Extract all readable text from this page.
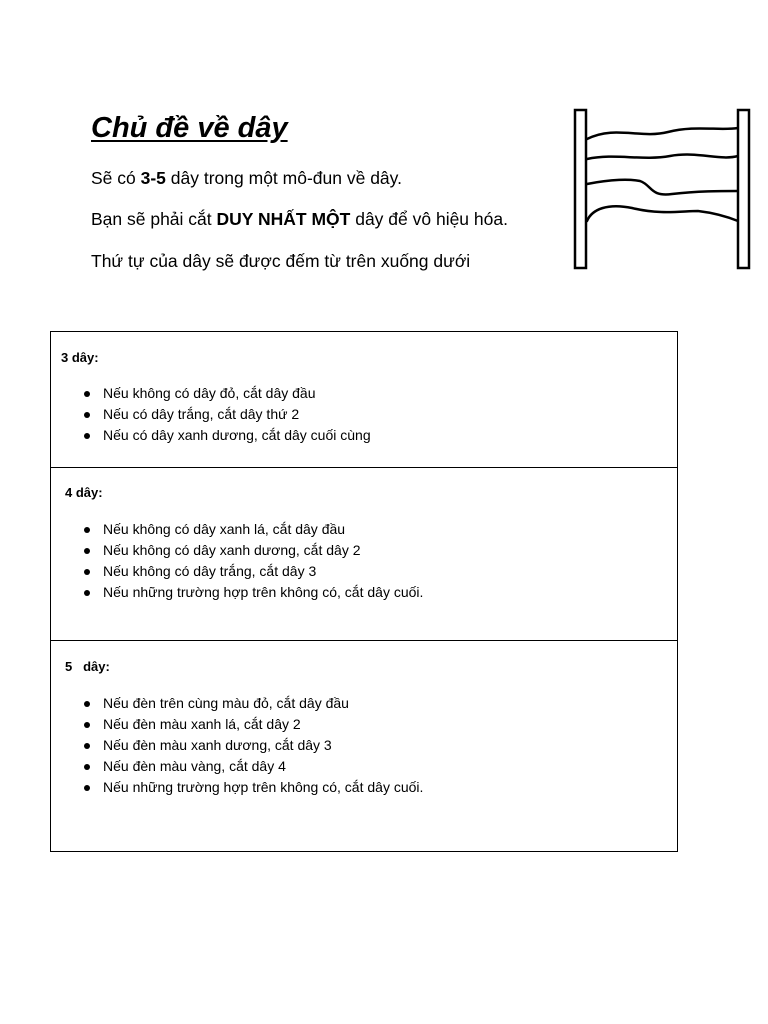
Chủ đề về dây

Sẽ có 3-5 dây trong một mô-đun về dây.

Bạn sẽ phải cắt DUY NHẤT MỘT dây để vô hiệu hóa.

Thứ tự của dây sẽ được đếm từ trên xuống dưới

3 dây:

Nếu không có dây đỏ, cắt dây đầu
Nếu có dây trắng, cắt dây thứ 2
Nếu có dây xanh dương, cắt dây cuối cùng

4 dây:

Nếu không có dây xanh lá, cắt dây đầu
Nếu không có dây xanh dương, cắt dây 2
Nếu không có dây trắng, cắt dây 3
Nếu những trường hợp trên không có, cắt dây cuối.

5   dây:

Nếu đèn trên cùng màu đỏ, cắt dây đầu
Nếu đèn màu xanh lá, cắt dây 2
Nếu đèn màu xanh dương, cắt dây 3
Nếu đèn màu vàng, cắt dây 4
Nếu những trường hợp trên không có, cắt dây cuối.
